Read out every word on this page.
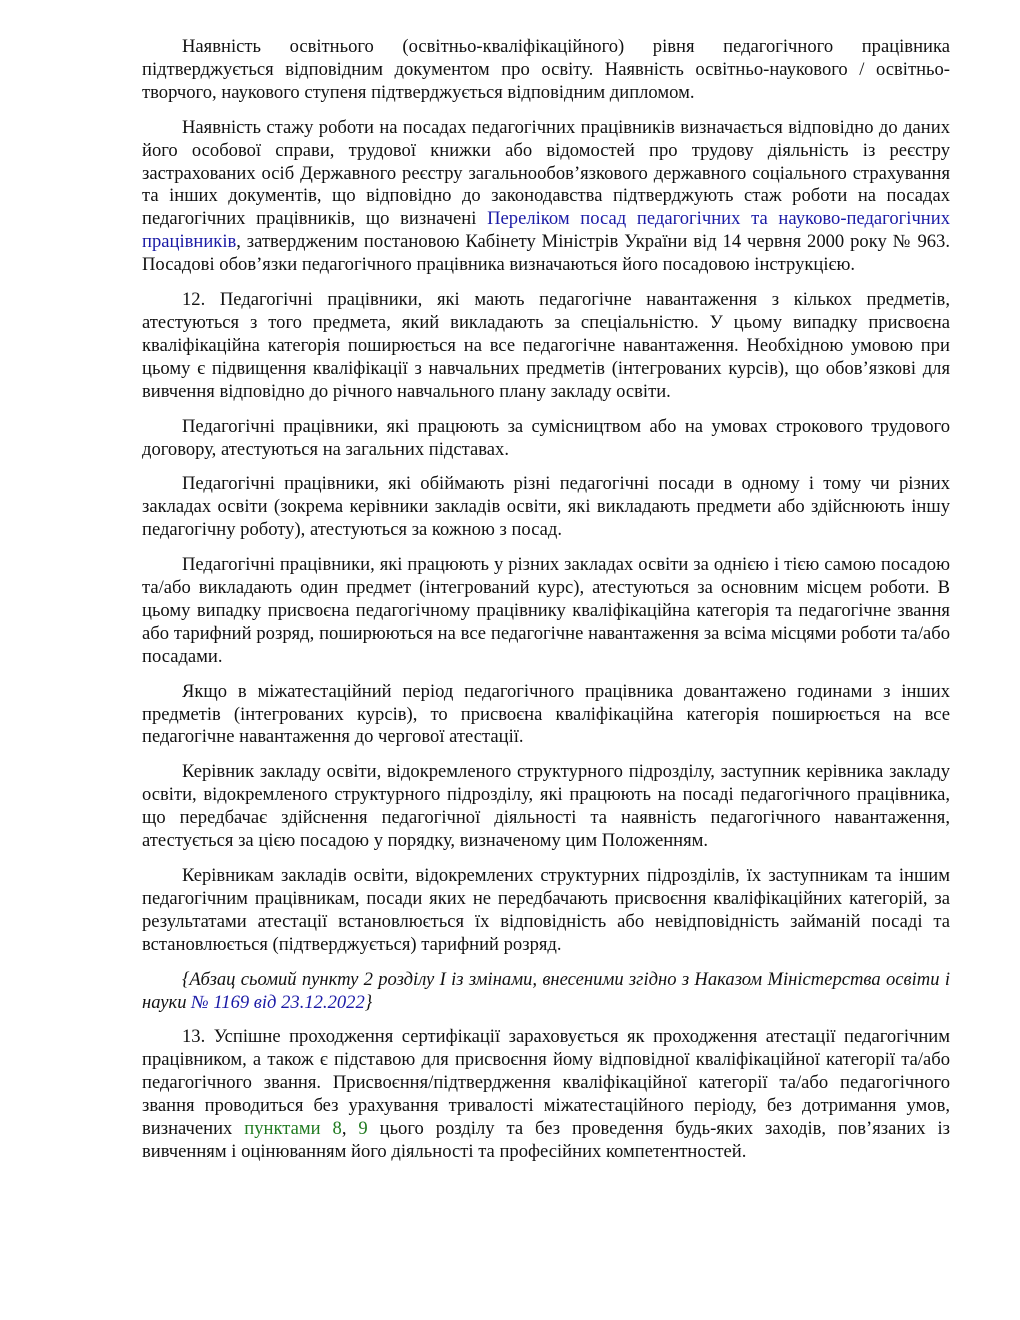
Наявність освітнього (освітньо-кваліфікаційного) рівня педагогічного працівника підтверджується відповідним документом про освіту. Наявність освітньо-наукового / освітньо-творчого, наукового ступеня підтверджується відповідним дипломом.

Наявність стажу роботи на посадах педагогічних працівників визначається відповідно до даних його особової справи, трудової книжки або відомостей про трудову діяльність із реєстру застрахованих осіб Державного реєстру загальнообов’язкового державного соціального страхування та інших документів, що відповідно до законодавства підтверджують стаж роботи на посадах педагогічних працівників, що визначені Переліком посад педагогічних та науково-педагогічних працівників, затвердженим постановою Кабінету Міністрів України від 14 червня 2000 року № 963. Посадові обов’язки педагогічного працівника визначаються його посадовою інструкцією.

12. Педагогічні працівники, які мають педагогічне навантаження з кількох предметів, атестуються з того предмета, який викладають за спеціальністю. У цьому випадку присвоєна кваліфікаційна категорія поширюється на все педагогічне навантаження. Необхідною умовою при цьому є підвищення кваліфікації з навчальних предметів (інтегрованих курсів), що обов’язкові для вивчення відповідно до річного навчального плану закладу освіти.

Педагогічні працівники, які працюють за сумісництвом або на умовах строкового трудового договору, атестуються на загальних підставах.

Педагогічні працівники, які обіймають різні педагогічні посади в одному і тому чи різних закладах освіти (зокрема керівники закладів освіти, які викладають предмети або здійснюють іншу педагогічну роботу), атестуються за кожною з посад.

Педагогічні працівники, які працюють у різних закладах освіти за однією і тією самою посадою та/або викладають один предмет (інтегрований курс), атестуються за основним місцем роботи. В цьому випадку присвоєна педагогічному працівнику кваліфікаційна категорія та педагогічне звання або тарифний розряд, поширюються на все педагогічне навантаження за всіма місцями роботи та/або посадами.

Якщо в міжатестаційний період педагогічного працівника довантажено годинами з інших предметів (інтегрованих курсів), то присвоєна кваліфікаційна категорія поширюється на все педагогічне навантаження до чергової атестації.

Керівник закладу освіти, відокремленого структурного підрозділу, заступник керівника закладу освіти, відокремленого структурного підрозділу, які працюють на посаді педагогічного працівника, що передбачає здійснення педагогічної діяльності та наявність педагогічного навантаження, атестується за цією посадою у порядку, визначеному цим Положенням.

Керівникам закладів освіти, відокремлених структурних підрозділів, їх заступникам та іншим педагогічним працівникам, посади яких не передбачають присвоєння кваліфікаційних категорій, за результатами атестації встановлюється їх відповідність або невідповідність займаній посаді та встановлюється (підтверджується) тарифний розряд.

{Абзац сьомий пункту 2 розділу I із змінами, внесеними згідно з Наказом Міністерства освіти і науки № 1169 від 23.12.2022}

13. Успішне проходження сертифікації зараховується як проходження атестації педагогічним працівником, а також є підставою для присвоєння йому відповідної кваліфікаційної категорії та/або педагогічного звання. Присвоєння/підтвердження кваліфікаційної категорії та/або педагогічного звання проводиться без урахування тривалості міжатестаційного періоду, без дотримання умов, визначених пунктами 8, 9 цього розділу та без проведення будь-яких заходів, пов’язаних із вивченням і оцінюванням його діяльності та професійних компетентностей.
